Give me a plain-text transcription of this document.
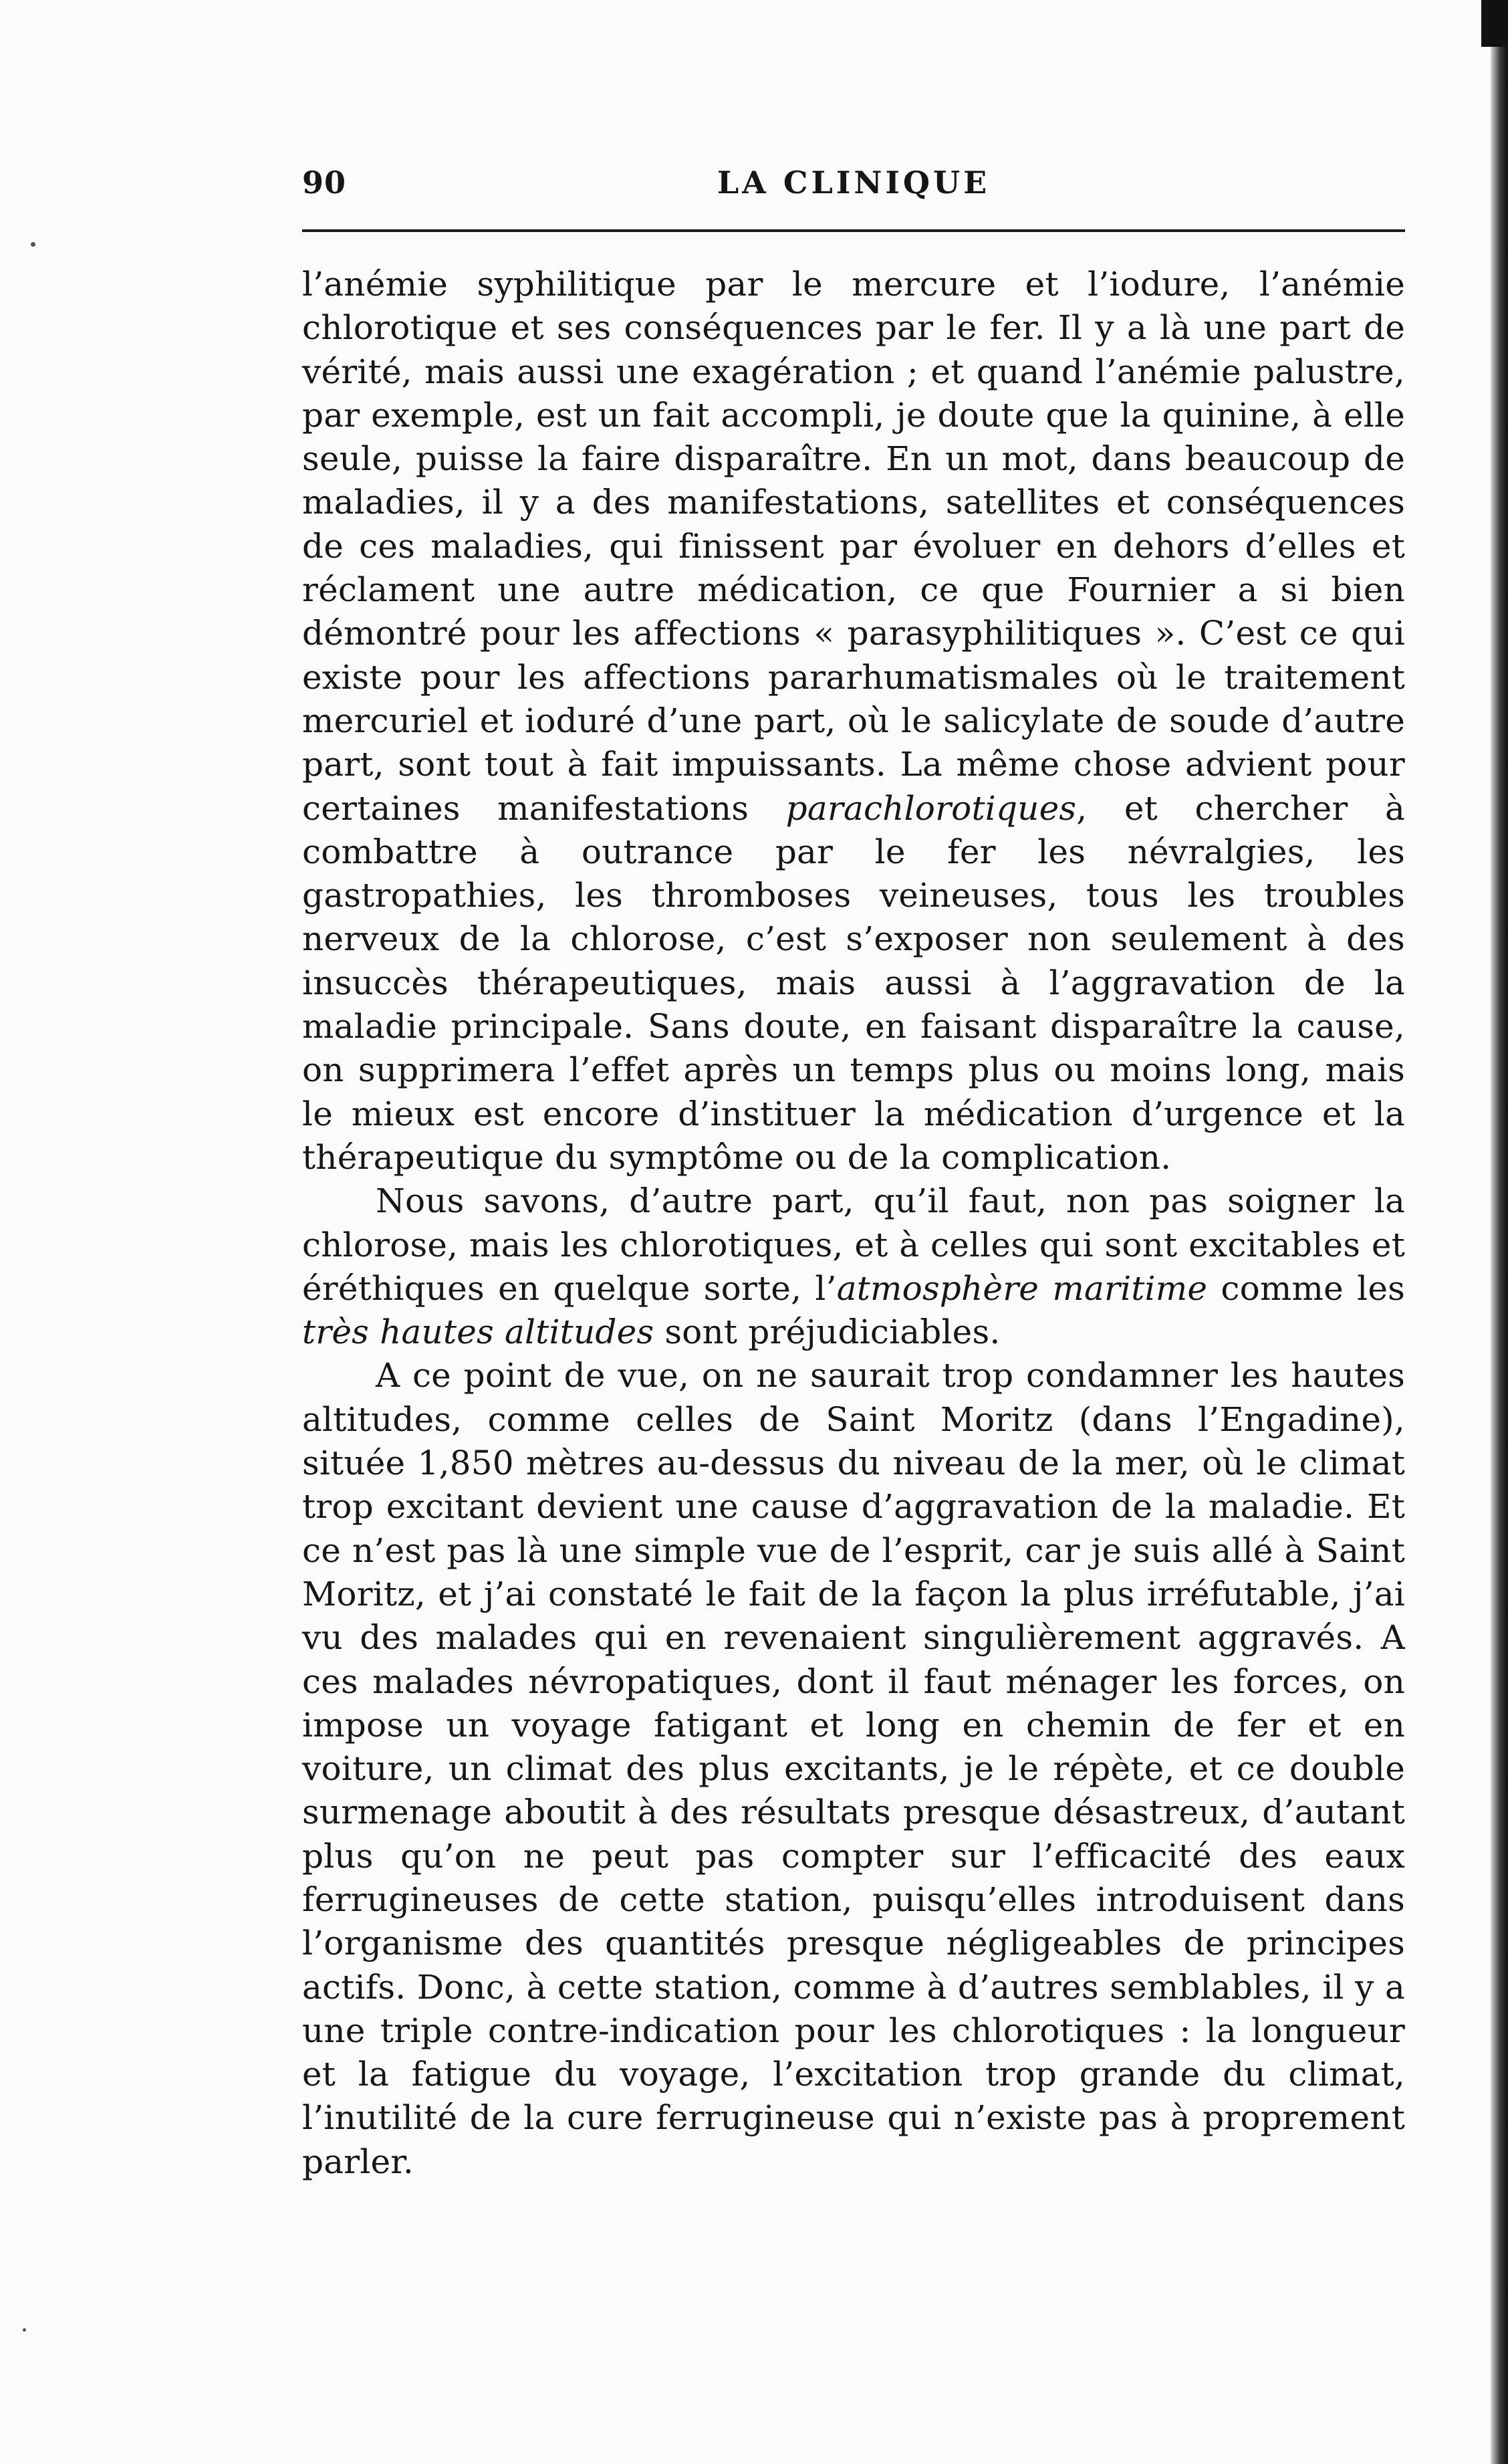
90	LA CLINIQUE

l’anémie syphilitique par le mercure et l’iodure, l’anémie chlorotique et ses conséquences par le fer. Il y a là une part de vérité, mais aussi une exagération ; et quand l’anémie palustre, par exemple, est un fait accompli, je doute que la quinine, à elle seule, puisse la faire disparaître. En un mot, dans beaucoup de maladies, il y a des manifestations, satellites et conséquences de ces maladies, qui finissent par évoluer en dehors d’elles et réclament une autre médication, ce que Fournier a si bien démontré pour les affections « parasyphilitiques ». C’est ce qui existe pour les affections pararhumatismales où le traitement mercuriel et ioduré d’une part, où le salicylate de soude d’autre part, sont tout à fait impuissants. La même chose advient pour certaines manifestations parachlorotiques, et chercher à combattre à outrance par le fer les névralgies, les gastropathies, les thromboses veineuses, tous les troubles nerveux de la chlorose, c’est s’exposer non seulement à des insuccès thérapeutiques, mais aussi à l’aggravation de la maladie principale. Sans doute, en faisant disparaître la cause, on supprimera l’effet après un temps plus ou moins long, mais le mieux est encore d’instituer la médication d’urgence et la thérapeutique du symptôme ou de la complication.

Nous savons, d’autre part, qu’il faut, non pas soigner la chlorose, mais les chlorotiques, et à celles qui sont excitables et éréthiques en quelque sorte, l’atmosphère maritime comme les très hautes altitudes sont préjudiciables.

A ce point de vue, on ne saurait trop condamner les hautes altitudes, comme celles de Saint Moritz (dans l’Engadine), située 1,850 mètres au-dessus du niveau de la mer, où le climat trop excitant devient une cause d’aggravation de la maladie. Et ce n’est pas là une simple vue de l’esprit, car je suis allé à Saint Moritz, et j’ai constaté le fait de la façon la plus irréfutable, j’ai vu des malades qui en revenaient singulièrement aggravés. A ces malades névropatiques, dont il faut ménager les forces, on impose un voyage fatigant et long en chemin de fer et en voiture, un climat des plus excitants, je le répète, et ce double surmenage aboutit à des résultats presque désastreux, d’autant plus qu’on ne peut pas compter sur l’efficacité des eaux ferrugineuses de cette station, puisqu’elles introduisent dans l’organisme des quantités presque négligeables de principes actifs. Donc, à cette station, comme à d’autres semblables, il y a une triple contre-indication pour les chlorotiques : la longueur et la fatigue du voyage, l’excitation trop grande du climat, l’inutilité de la cure ferrugineuse qui n’existe pas à proprement parler.
